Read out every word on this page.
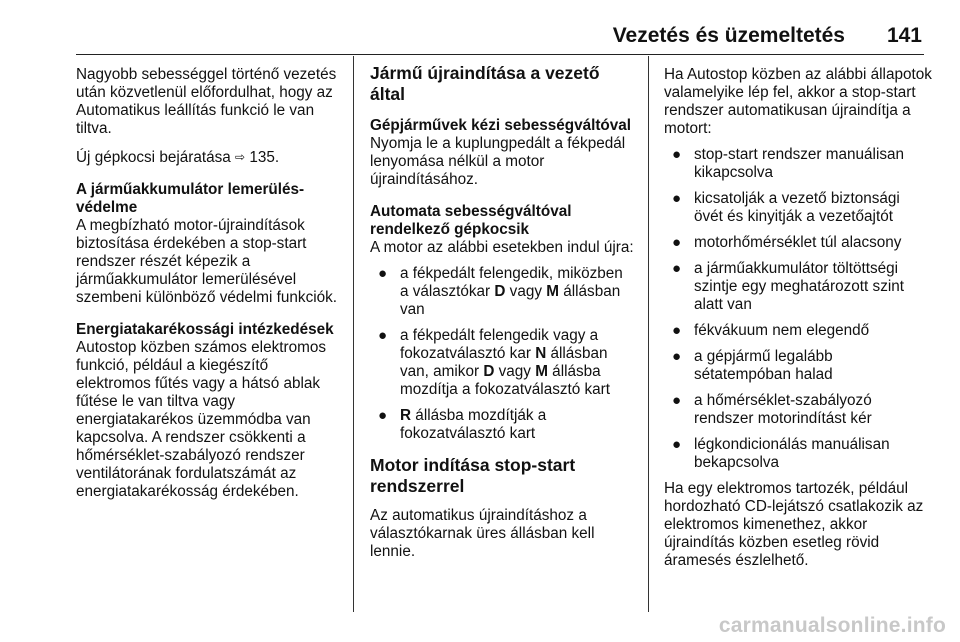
Vezetés és üzemeltetés 141

Nagyobb sebességgel történő vezetés után közvetlenül előfordulhat, hogy az Automatikus leállítás funkció le van tiltva.

Új gépkocsi bejáratása ⇨ 135.

A járműakkumulátor lemerülés-védelme

A megbízható motor-újraindítások biztosítása érdekében a stop-start rendszer részét képezik a járműakkumulátor lemerülésével szembeni különböző védelmi funkciók.

Energiatakarékossági intézkedések

Autostop közben számos elektromos funkció, például a kiegészítő elektromos fűtés vagy a hátsó ablak fűtése le van tiltva vagy energiatakarékos üzemmódba van kapcsolva. A rendszer csökkenti a hőmérséklet-szabályozó rendszer ventilátorának fordulatszámát az energiatakarékosság érdekében.

Jármű újraindítása a vezető által
Gépjárművek kézi sebességváltóval

Nyomja le a kuplungpedált a fékpedál lenyomása nélkül a motor újraindításához.

Automata sebességváltóval rendelkező gépkocsik

A motor az alábbi esetekben indul újra:

● a fékpedált felengedik, miközben a választókar D vagy M állásban van
● a fékpedált felengedik vagy a fokozatválasztó kar N állásban van, amikor D vagy M állásba mozdítja a fokozatválasztó kart
● R állásba mozdítják a fokozatválasztó kart
Motor indítása stop-start rendszerrel

Az automatikus újraindításhoz a választókarnak üres állásban kell lennie.

Ha Autostop közben az alábbi állapotok valamelyike lép fel, akkor a stop-start rendszer automatikusan újraindítja a motort:

● stop-start rendszer manuálisan kikapcsolva
● kicsatolják a vezető biztonsági övét és kinyitják a vezetőajtót
● motorhőmérséklet túl alacsony
● a járműakkumulátor töltöttségi szintje egy meghatározott szint alatt van
● fékvákuum nem elegendő
● a gépjármű legalább sétatempóban halad
● a hőmérséklet-szabályozó rendszer motorindítást kér
● légkondicionálás manuálisan bekapcsolva

Ha egy elektromos tartozék, például hordozható CD-lejátszó csatlakozik az elektromos kimenethez, akkor újraindítás közben esetleg rövid áramesés észlelhető.

carmanualsonline.info
